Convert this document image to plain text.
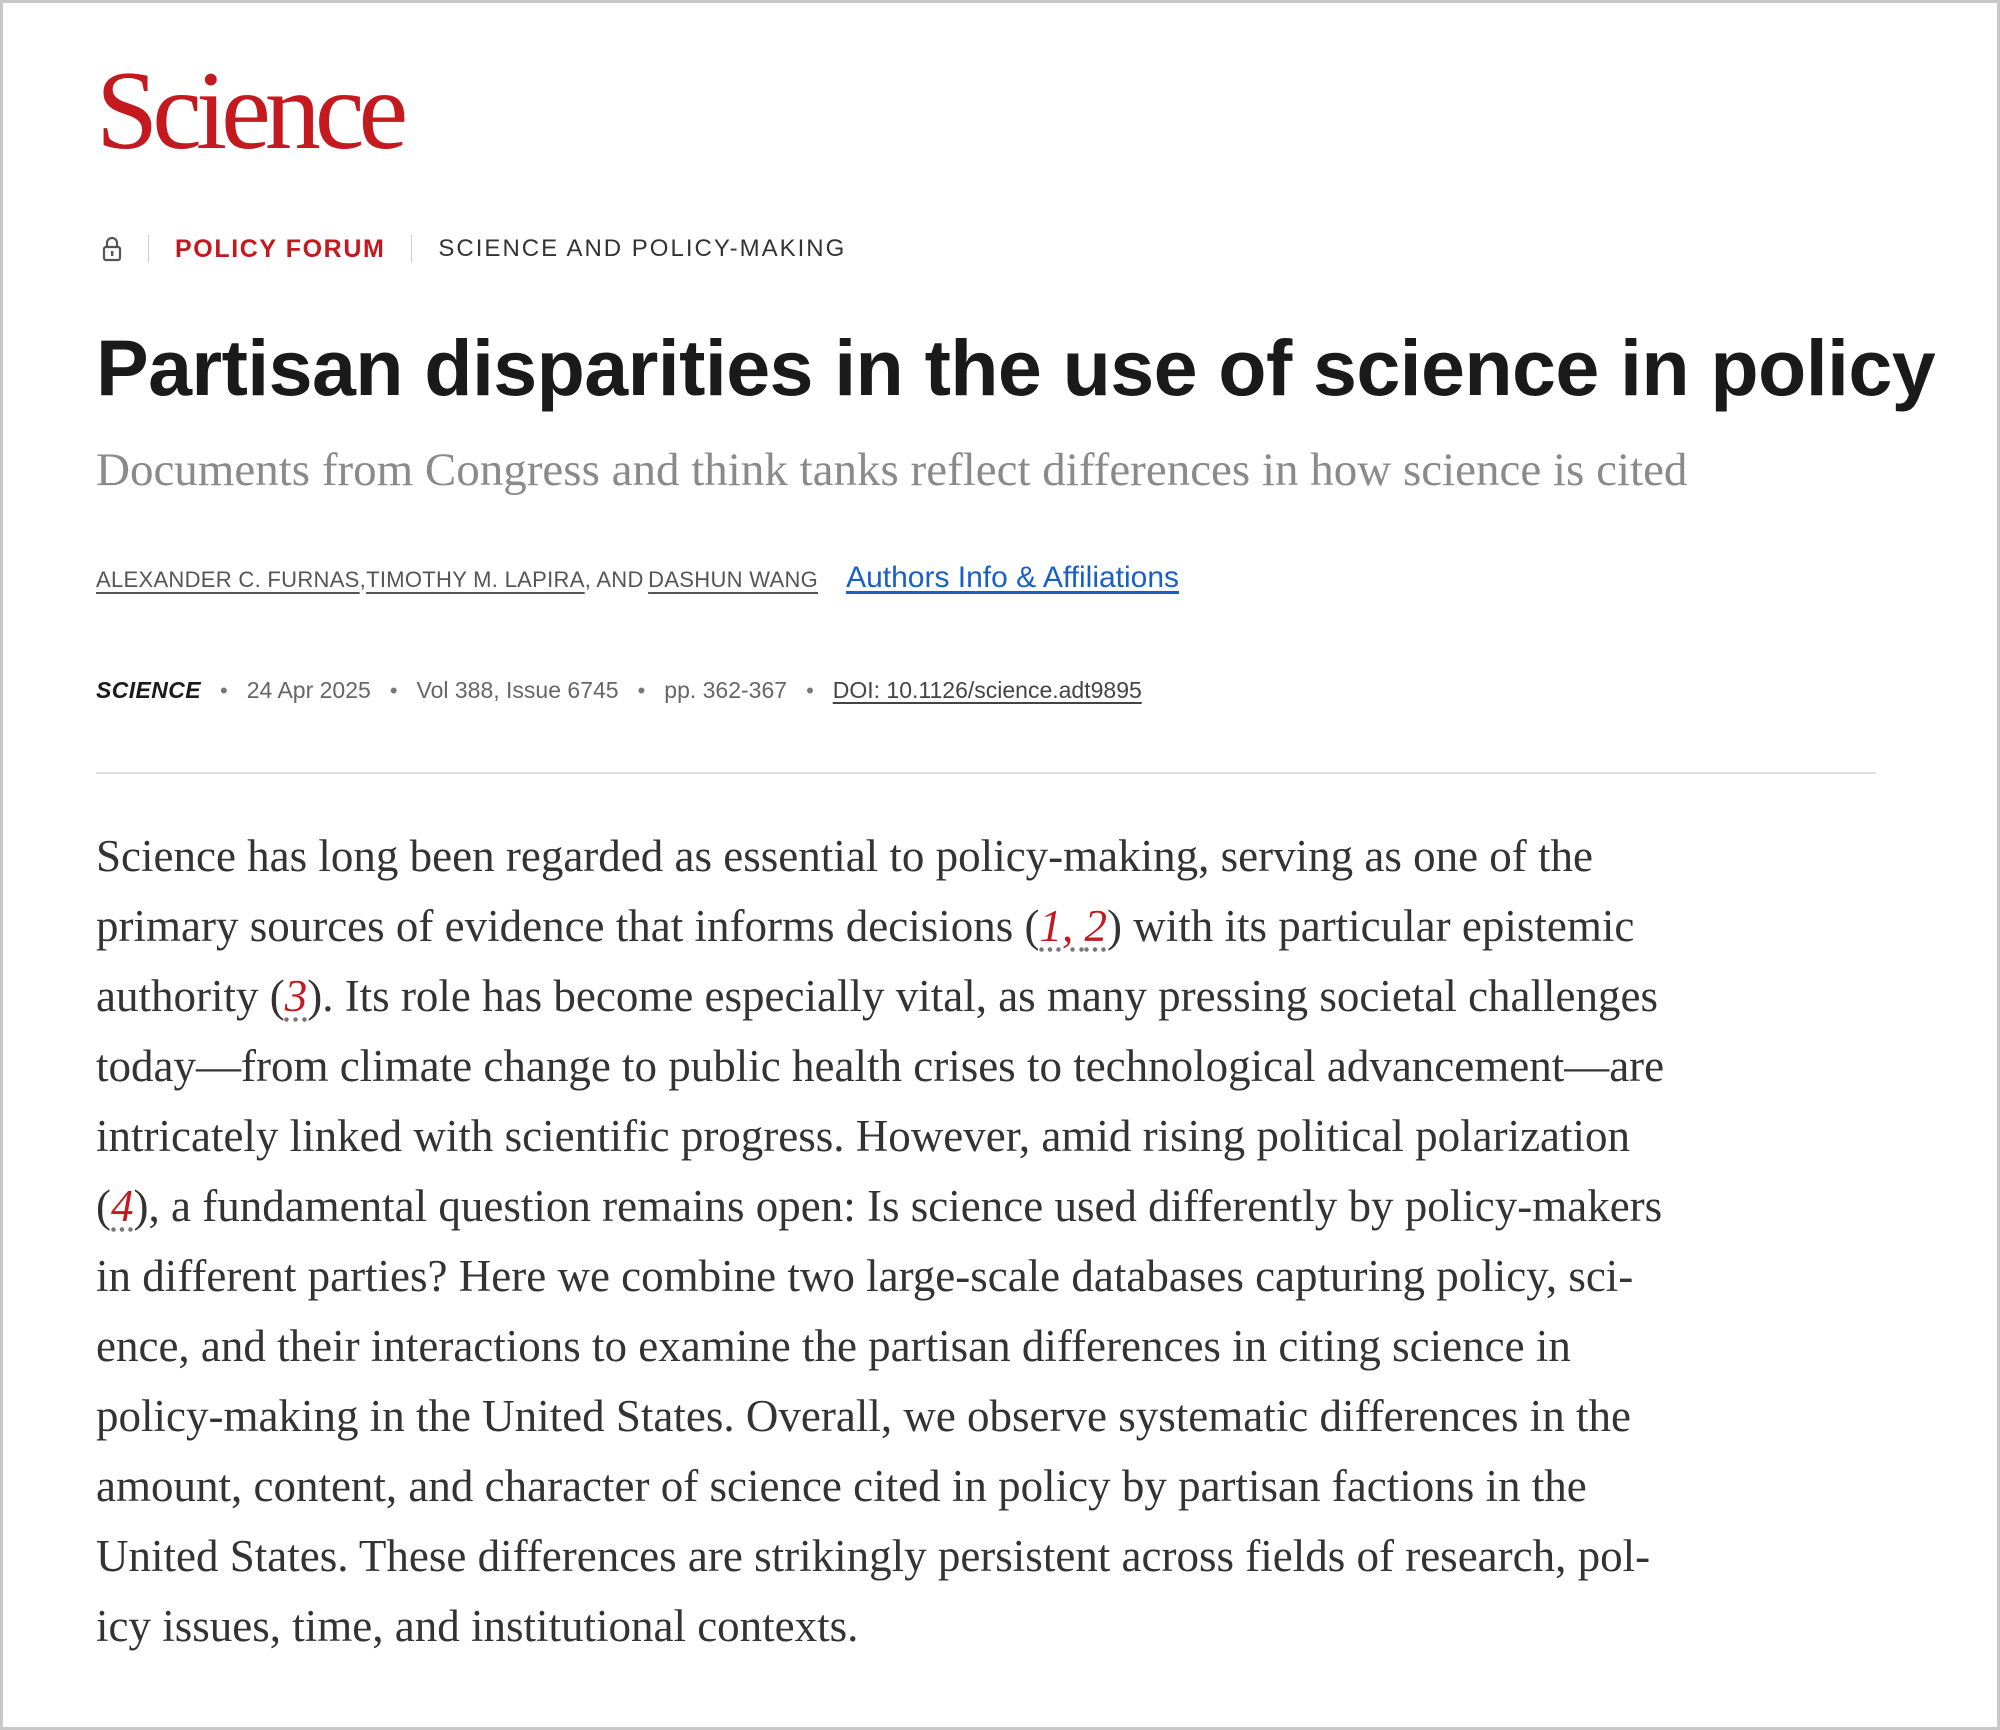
Science
POLICY FORUM SCIENCE AND POLICY-MAKING
Partisan disparities in the use of science in policy

Documents from Congress and think tanks reflect differences in how science is cited

ALEXANDER C. FURNAS , TIMOTHY M. LAPIRA , AND
DASHUN WANG Authors Info & Affiliations
SCIENCE • 24 Apr 2025 • Vol 388, Issue 6745 • pp. 362-367 • DOI: 10.1126/science.adt9895
Science has long been regarded as essential to policy-making, serving as one of the
primary sources of evidence that informs decisions (1, 2) with its particular epistemic
authority (3). Its role has become especially vital, as many pressing societal challenges
today—from climate change to public health crises to technological advancement—are
intricately linked with scientific progress. However, amid rising political polarization
(4), a fundamental question remains open: Is science used differently by policy-makers
in different parties? Here we combine two large-scale databases capturing policy, sci-
ence, and their interactions to examine the partisan differences in citing science in
policy-making in the United States. Overall, we observe systematic differences in the
amount, content, and character of science cited in policy by partisan factions in the
United States. These differences are strikingly persistent across fields of research, pol-
icy issues, time, and institutional contexts.
